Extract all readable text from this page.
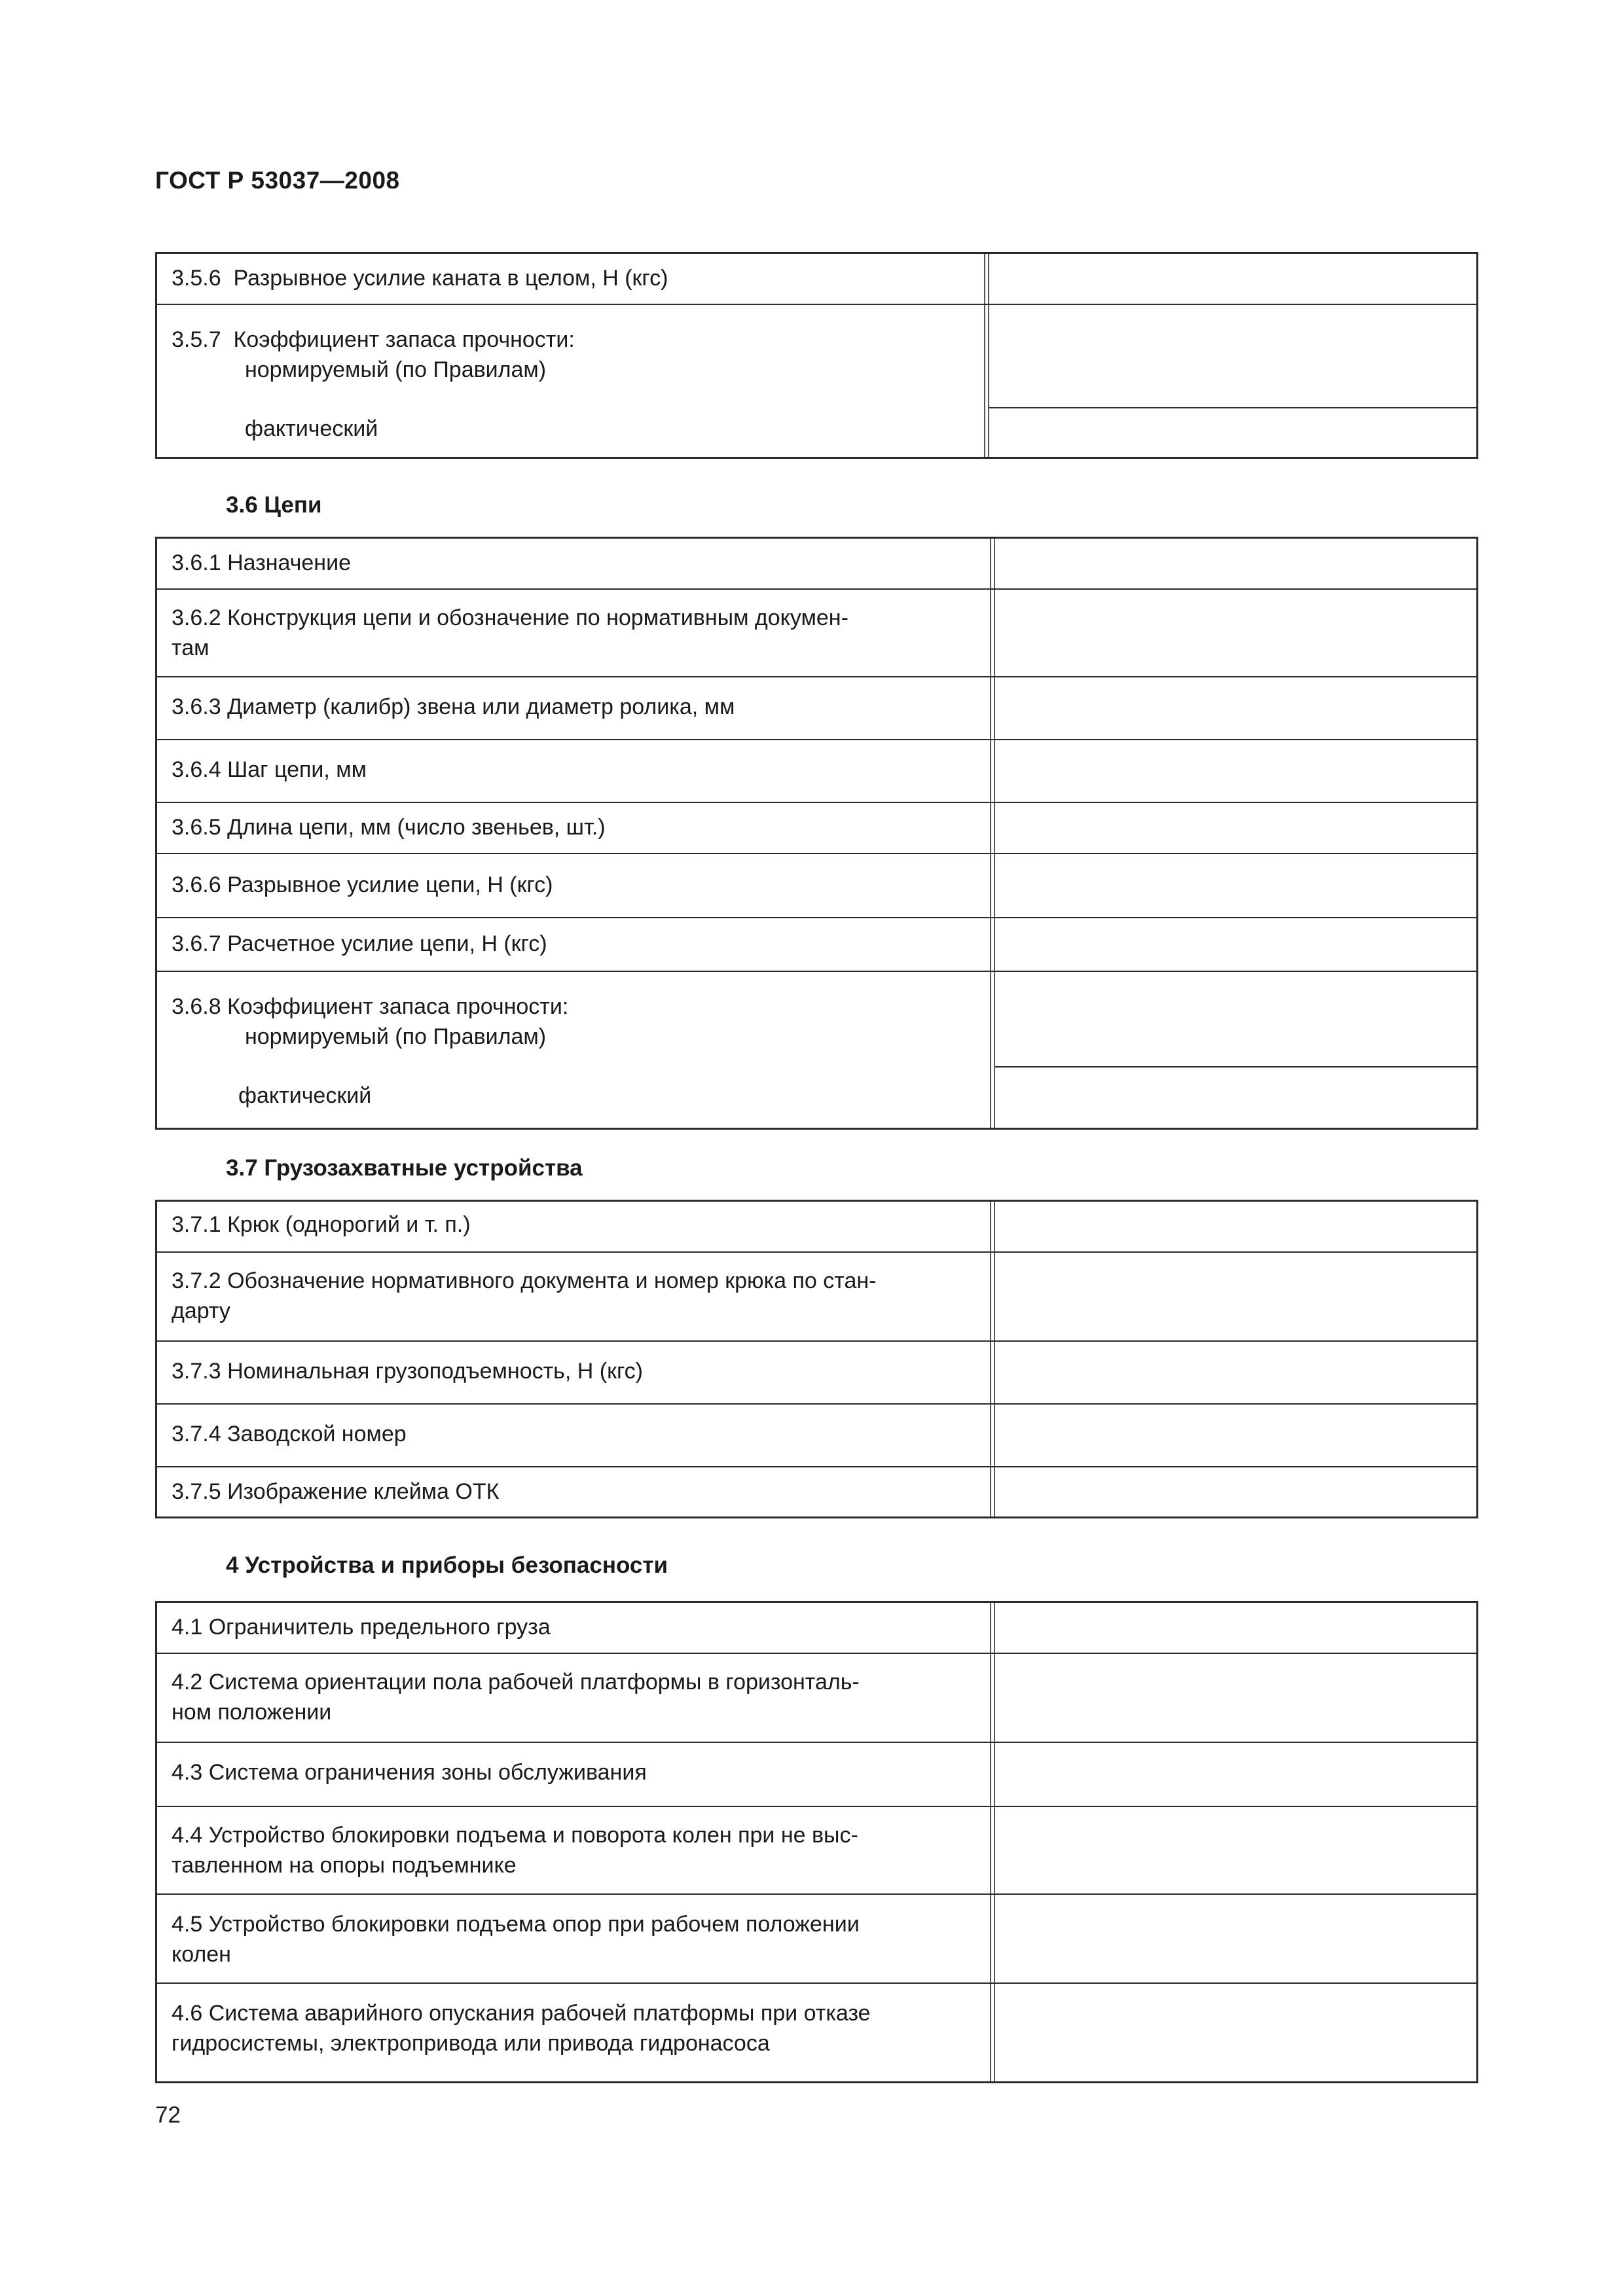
ГОСТ Р 53037—2008
3.5.6 Разрывное усилие каната в целом, Н (кгс)
3.5.7 Коэффициент запаса прочности:
нормируемый (по Правилам)
фактический
3.6 Цепи
3.6.1 Назначение
3.6.2 Конструкция цепи и обозначение по нормативным докумен-
там
3.6.3 Диаметр (калибр) звена или диаметр ролика, мм
3.6.4 Шаг цепи, мм
3.6.5 Длина цепи, мм (число звеньев, шт.)
3.6.6 Разрывное усилие цепи, Н (кгс)
3.6.7 Расчетное усилие цепи, Н (кгс)
3.6.8 Коэффициент запаса прочности:
нормируемый (по Правилам)
фактический
3.7 Грузозахватные устройства
3.7.1 Крюк (однорогий и т. п.)
3.7.2 Обозначение нормативного документа и номер крюка по стан-
дарту
3.7.3 Номинальная грузоподъемность, Н (кгс)
3.7.4 Заводской номер
3.7.5 Изображение клейма ОТК
4 Устройства и приборы безопасности
4.1 Ограничитель предельного груза
4.2 Система ориентации пола рабочей платформы в горизонталь-
ном положении
4.3 Система ограничения зоны обслуживания
4.4 Устройство блокировки подъема и поворота колен при не выс-
тавленном на опоры подъемнике
4.5 Устройство блокировки подъема опор при рабочем положении
колен
4.6 Система аварийного опускания рабочей платформы при отказе
гидросистемы, электропривода или привода гидронасоса
72
